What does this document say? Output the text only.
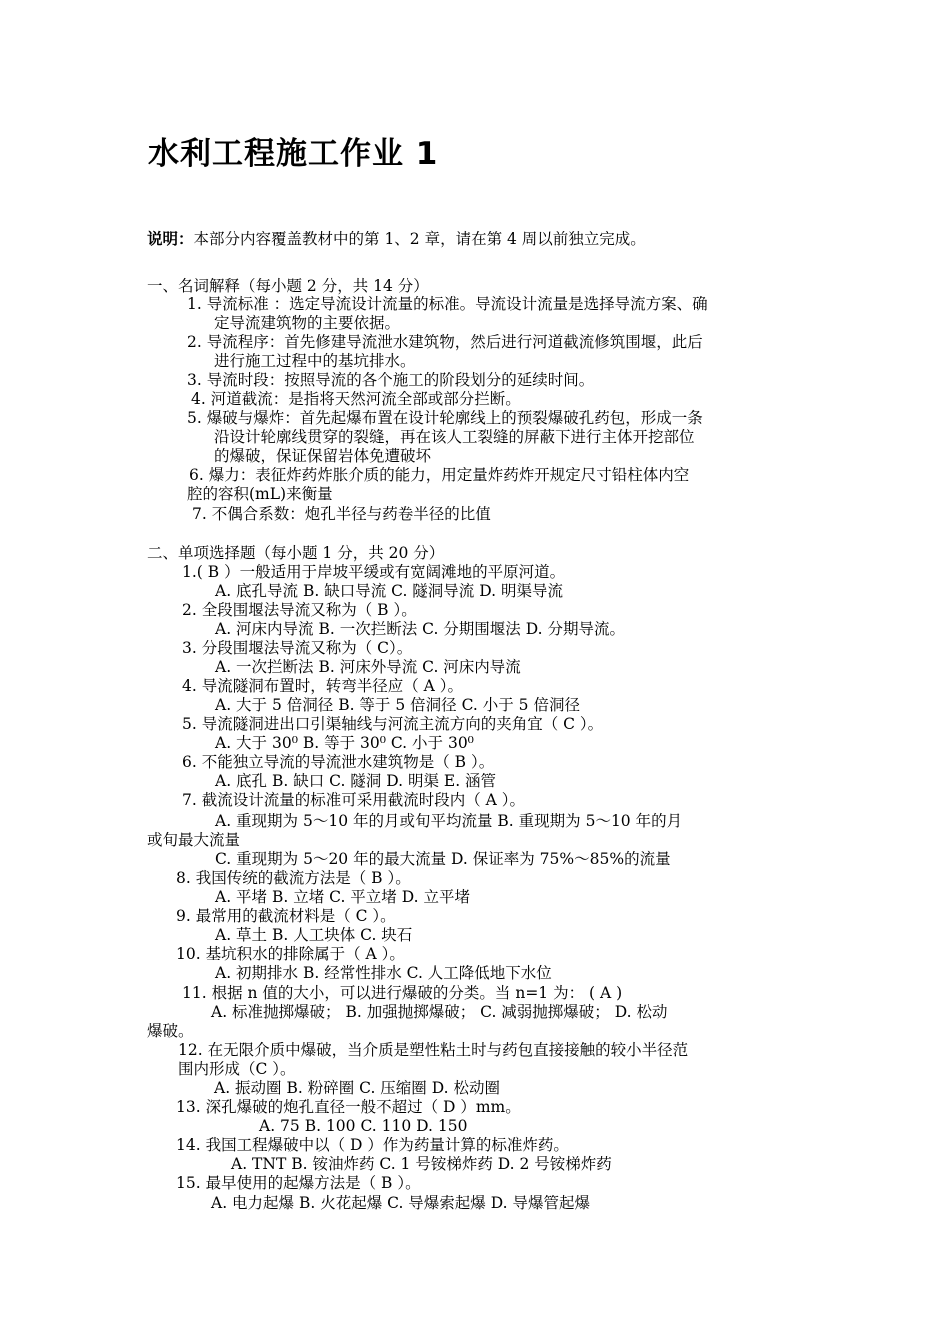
水利工程施工作业 1
说明：本部分内容覆盖教材中的第 1、2 章，请在第 4 周以前独立完成。
一、名词解释（每小题 2 分，共 14 分）
1. 导流标准 ：选定导流设计流量的标准。导流设计流量是选择导流方案、确
定导流建筑物的主要依据。
2. 导流程序：首先修建导流泄水建筑物，然后进行河道截流修筑围堰，此后
进行施工过程中的基坑排水。
3. 导流时段：按照导流的各个施工的阶段划分的延续时间。
4. 河道截流：是指将天然河流全部或部分拦断。
5. 爆破与爆炸：首先起爆布置在设计轮廓线上的预裂爆破孔药包，形成一条
沿设计轮廓线贯穿的裂缝，再在该人工裂缝的屏蔽下进行主体开挖部位
的爆破，保证保留岩体免遭破坏
6. 爆力：表征炸药炸胀介质的能力，用定量炸药炸开规定尺寸铅柱体内空
腔的容积(mL)来衡量
7. 不偶合系数：炮孔半径与药卷半径的比值
二、单项选择题（每小题 1 分，共 20 分）
1.( B ）一般适用于岸坡平缓或有宽阔滩地的平原河道。
A. 底孔导流 B. 缺口导流 C. 隧洞导流 D. 明渠导流
2. 全段围堰法导流又称为（ B ）。
A. 河床内导流 B. 一次拦断法 C. 分期围堰法 D. 分期导流。
3. 分段围堰法导流又称为（ C）。
A. 一次拦断法 B. 河床外导流 C. 河床内导流
4. 导流隧洞布置时，转弯半径应（ A ）。
A. 大于 5 倍洞径 B. 等于 5 倍洞径 C. 小于 5 倍洞径
5. 导流隧洞进出口引渠轴线与河流主流方向的夹角宜（ C ）。
A. 大于 30⁰ B. 等于 30⁰ C. 小于 30⁰
6. 不能独立导流的导流泄水建筑物是（ B ）。
A. 底孔 B. 缺口 C. 隧洞 D. 明渠 E. 涵管
7. 截流设计流量的标准可采用截流时段内（ A ）。
A. 重现期为 5～10 年的月或旬平均流量 B. 重现期为 5～10 年的月
或旬最大流量
C. 重现期为 5～20 年的最大流量 D. 保证率为 75%～85%的流量
8. 我国传统的截流方法是（ B ）。
A. 平堵 B. 立堵 C. 平立堵 D. 立平堵
9. 最常用的截流材料是（ C ）。
A. 草土 B. 人工块体 C. 块石
10. 基坑积水的排除属于（ A ）。
A. 初期排水 B. 经常性排水 C. 人工降低地下水位
11. 根据 n 值的大小，可以进行爆破的分类。当 n=1 为： ( A )
A. 标准抛掷爆破； B. 加强抛掷爆破； C. 减弱抛掷爆破； D. 松动
爆破。
12. 在无限介质中爆破，当介质是塑性粘土时与药包直接接触的较小半径范
围内形成（C ）。
A. 振动圈 B. 粉碎圈 C. 压缩圈 D. 松动圈
13. 深孔爆破的炮孔直径一般不超过（ D ）mm。
A. 75 B. 100 C. 110 D. 150
14. 我国工程爆破中以（ D ）作为药量计算的标准炸药。
A. TNT B. 铵油炸药 C. 1 号铵梯炸药 D. 2 号铵梯炸药
15. 最早使用的起爆方法是（ B ）。
A. 电力起爆 B. 火花起爆 C. 导爆索起爆 D. 导爆管起爆
